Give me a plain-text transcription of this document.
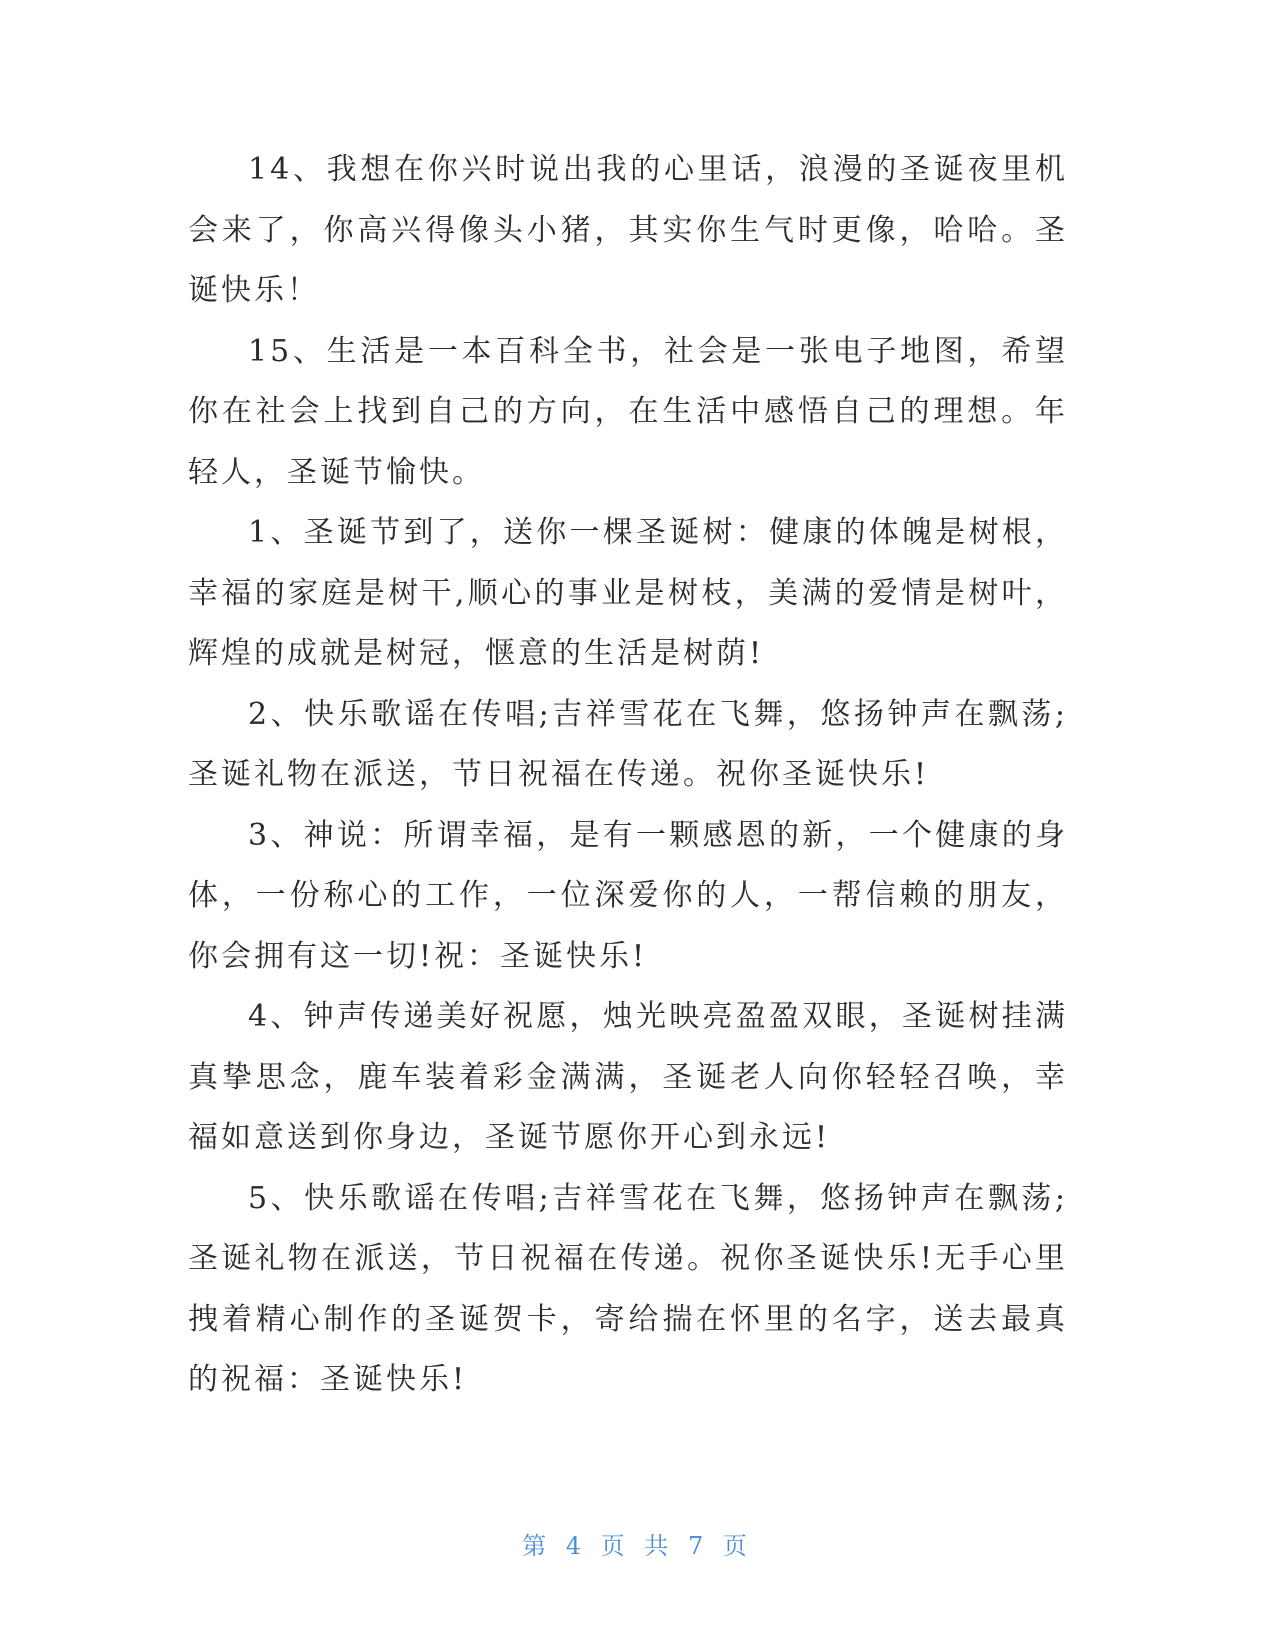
14、我想在你兴时说出我的心里话，浪漫的圣诞夜里机会来了，你高兴得像头小猪，其实你生气时更像，哈哈。圣诞快乐！

15、生活是一本百科全书，社会是一张电子地图，希望你在社会上找到自己的方向，在生活中感悟自己的理想。年轻人，圣诞节愉快。

1、圣诞节到了，送你一棵圣诞树：健康的体魄是树根，幸福的家庭是树干,顺心的事业是树枝，美满的爱情是树叶，辉煌的成就是树冠，惬意的生活是树荫!

2、快乐歌谣在传唱;吉祥雪花在飞舞，悠扬钟声在飘荡;圣诞礼物在派送，节日祝福在传递。祝你圣诞快乐!

3、神说：所谓幸福，是有一颗感恩的新，一个健康的身体，一份称心的工作，一位深爱你的人，一帮信赖的朋友，你会拥有这一切!祝：圣诞快乐!

4、钟声传递美好祝愿，烛光映亮盈盈双眼，圣诞树挂满真挚思念，鹿车装着彩金满满，圣诞老人向你轻轻召唤，幸福如意送到你身边，圣诞节愿你开心到永远!

5、快乐歌谣在传唱;吉祥雪花在飞舞，悠扬钟声在飘荡;圣诞礼物在派送，节日祝福在传递。祝你圣诞快乐!无手心里拽着精心制作的圣诞贺卡，寄给揣在怀里的名字，送去最真的祝福：圣诞快乐!

第 4 页 共 7 页
